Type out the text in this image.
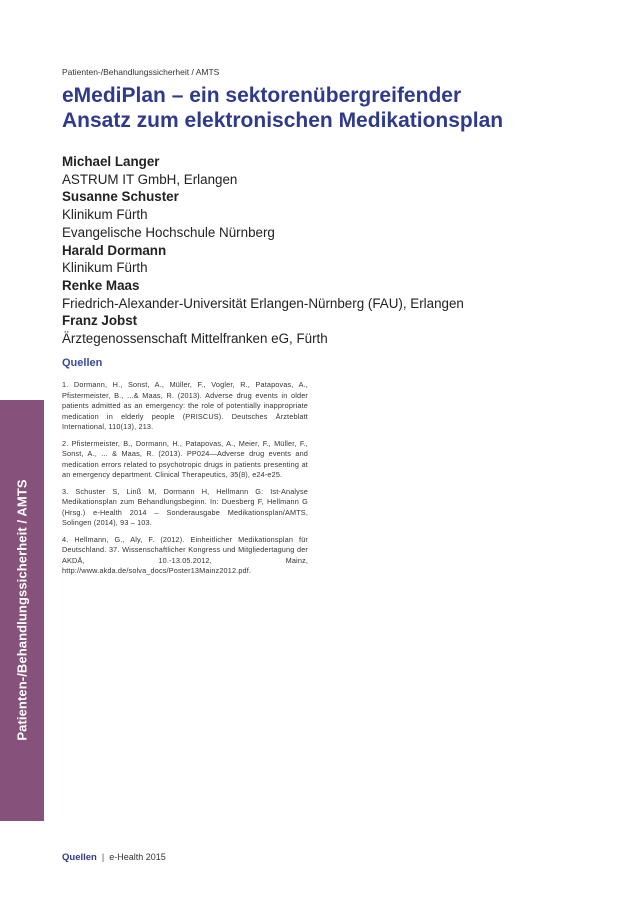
Patienten-/Behandlungssicherheit / AMTS
Patienten-/Behandlungssicherheit / AMTS
eMediPlan – ein sektorenübergreifender
Ansatz zum elektronischen Medikationsplan
Michael Langer
ASTRUM IT GmbH, Erlangen
Susanne Schuster
Klinikum Fürth
Evangelische Hochschule Nürnberg
Harald Dormann
Klinikum Fürth
Renke Maas
Friedrich-Alexander-Universität Erlangen-Nürnberg (FAU), Erlangen
Franz Jobst
Ärztegenossenschaft Mittelfranken eG, Fürth
Quellen
1. Dormann, H., Sonst, A., Müller, F., Vogler, R., Patapovas, A., Pfistermeister, B., ...& Maas, R. (2013). Adverse drug events in older patients admitted as an emergency: the role of potentially inappropriate medication in elderly people (PRISCUS). Deutsches Ärzteblatt International, 110(13), 213.
2. Pfistermeister, B., Dormann, H., Patapovas, A., Meier, F., Müller, F., Sonst, A., ... & Maas, R. (2013). PP024—Adverse drug events and medication errors related to psychotropic drugs in patients presenting at an emergency department. Clinical Therapeutics, 35(8), e24-e25.
3. Schuster S, Linß M, Dormann H, Hellmann G: Ist-Analyse Medikationsplan zum Behandlungsbeginn. In: Duesberg F, Hellmann G (Hrsg.) e-Health 2014 – Sonderausgabe Medikationsplan/AMTS, Solingen (2014), 93 – 103.
4. Hellmann, G., Aly, F. (2012). Einheitlicher Medikationsplan für Deutschland. 37. Wissenschaftlicher Kongress und Mitgliedertagung der AKDÄ, 10.-13.05.2012, Mainz, http://www.akda.de/solva_docs/Poster13Mainz2012.pdf.
Quellen | e-Health 2015
